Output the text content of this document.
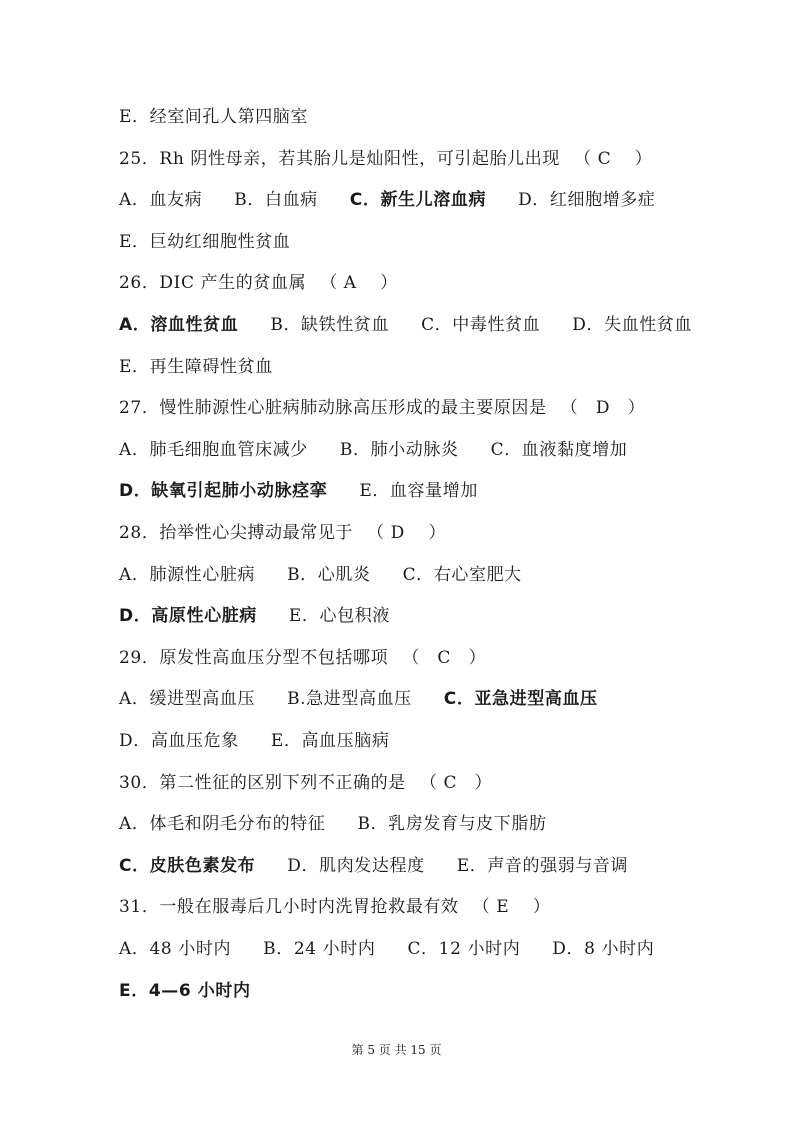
E．经室间孔人第四脑室
25．Rh 阴性母亲，若其胎儿是灿阳性，可引起胎儿出现 （ C　 ）
A．血友病 B．白血病 C．新生儿溶血病 D．红细胞增多症
E．巨幼红细胞性贫血
26．DIC 产生的贫血属 （ A　 ）
A．溶血性贫血 B．缺铁性贫血 C．中毒性贫血 D．失血性贫血
E．再生障碍性贫血
27．慢性肺源性心脏病肺动脉高压形成的最主要原因是 （　D　）
A．肺毛细胞血管床减少 B．肺小动脉炎 C．血液黏度增加
D．缺氧引起肺小动脉痉挛 E．血容量增加
28．抬举性心尖搏动最常见于 （ D　 ）
A．肺源性心脏病 B．心肌炎 C．右心室肥大
D．高原性心脏病 E．心包积液
29．原发性高血压分型不包括哪项 （　C　）
A．缓进型高血压 B.急进型高血压 C．亚急进型高血压
D．高血压危象 E．高血压脑病
30．第二性征的区别下列不正确的是 （ C　）
A．体毛和阴毛分布的特征 B．乳房发育与皮下脂肪
C．皮肤色素发布 D．肌肉发达程度 E．声音的强弱与音调
31．一般在服毒后几小时内洗胃抢救最有效 （ E　 ）
A．48 小时内 B．24 小时内 C．12 小时内 D．8 小时内
E．4—6 小时内
第 5 页 共 15 页
